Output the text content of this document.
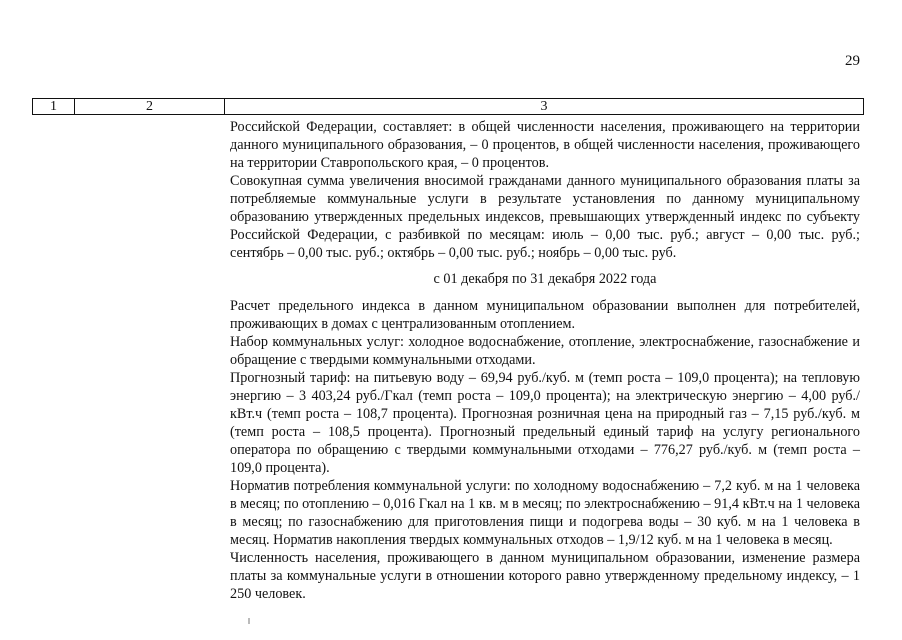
29
1	2	3

Российской Федерации, составляет: в общей численности населения, проживающего на территории данного муниципального образования, – 0 процентов, в общей численности населения, проживающего на территории Ставропольского края, – 0 процентов.

Совокупная сумма увеличения вносимой гражданами данного муниципального образования платы за потребляемые коммунальные услуги в результате установления по данному муниципальному образованию утвержденных предельных индексов, превышающих утвержденный индекс по субъекту Российской Федерации, с разбивкой по месяцам: июль – 0,00 тыс. руб.; август – 0,00 тыс. руб.; сентябрь – 0,00 тыс. руб.; октябрь – 0,00 тыс. руб.; ноябрь – 0,00 тыс. руб.

с 01 декабря по 31 декабря 2022 года

Расчет предельного индекса в данном муниципальном образовании выполнен для потребителей, проживающих в домах с централизованным отоплением.

Набор коммунальных услуг: холодное водоснабжение, отопление, электроснабжение, газоснабжение и обращение с твердыми коммунальными отходами.

Прогнозный тариф: на питьевую воду – 69,94 руб./куб. м (темп роста – 109,0 процента); на тепловую энергию – 3 403,24 руб./Гкал (темп роста – 109,0 процента); на электрическую энергию – 4,00 руб./кВт.ч (темп роста – 108,7 процента). Прогнозная розничная цена на природный газ – 7,15 руб./куб. м (темп роста – 108,5 процента). Прогнозный предельный единый тариф на услугу регионального оператора по обращению с твердыми коммунальными отходами – 776,27 руб./куб. м (темп роста – 109,0 процента).

Норматив потребления коммунальной услуги: по холодному водоснабжению – 7,2 куб. м на 1 человека в месяц; по отоплению – 0,016 Гкал на 1 кв. м в месяц; по электроснабжению – 91,4 кВт.ч на 1 человека в месяц; по газоснабжению для приготовления пищи и подогрева воды – 30 куб. м на 1 человека в месяц. Норматив накопления твердых коммунальных отходов – 1,9/12 куб. м на 1 человека в месяц.

Численность населения, проживающего в данном муниципальном образовании, изменение размера платы за коммунальные услуги в отношении которого равно утвержденному предельному индексу, – 1 250 человек.
